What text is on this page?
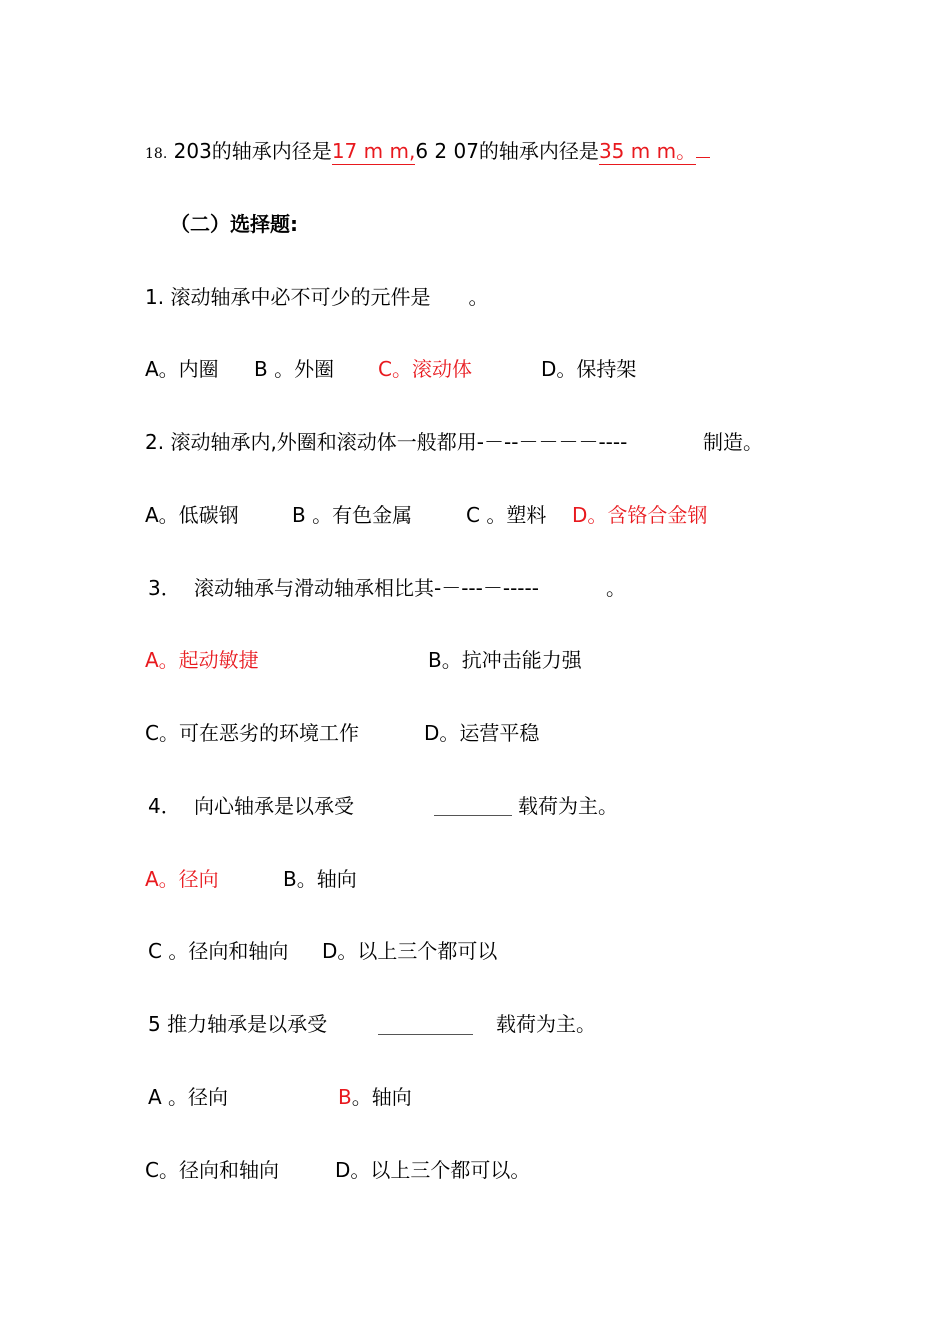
18. 203的轴承内径是17 m m,6 2 07的轴承内径是35 m m。
（二）选择题:
1. 滚动轴承中必不可少的元件是 。
A。内圈 B 。外圈 C。滚动体	D。保持架
2. 滚动轴承内,外圈和滚动体一般都用-－--－－－－----	制造。
A。低碳钢	B 。有色金属	C 。塑料 D。含铬合金钢
3． 滚动轴承与滑动轴承相比其-－---－-----	。
A。起动敏捷	B。抗冲击能力强
C。可在恶劣的环境工作	D。运营平稳
4． 向心轴承是以承受	载荷为主。
A。径向	B。轴向
C 。径向和轴向 D。以上三个都可以
5 推力轴承是以承受	载荷为主。
A 。径向	B。轴向
C。径向和轴向	D。以上三个都可以。
